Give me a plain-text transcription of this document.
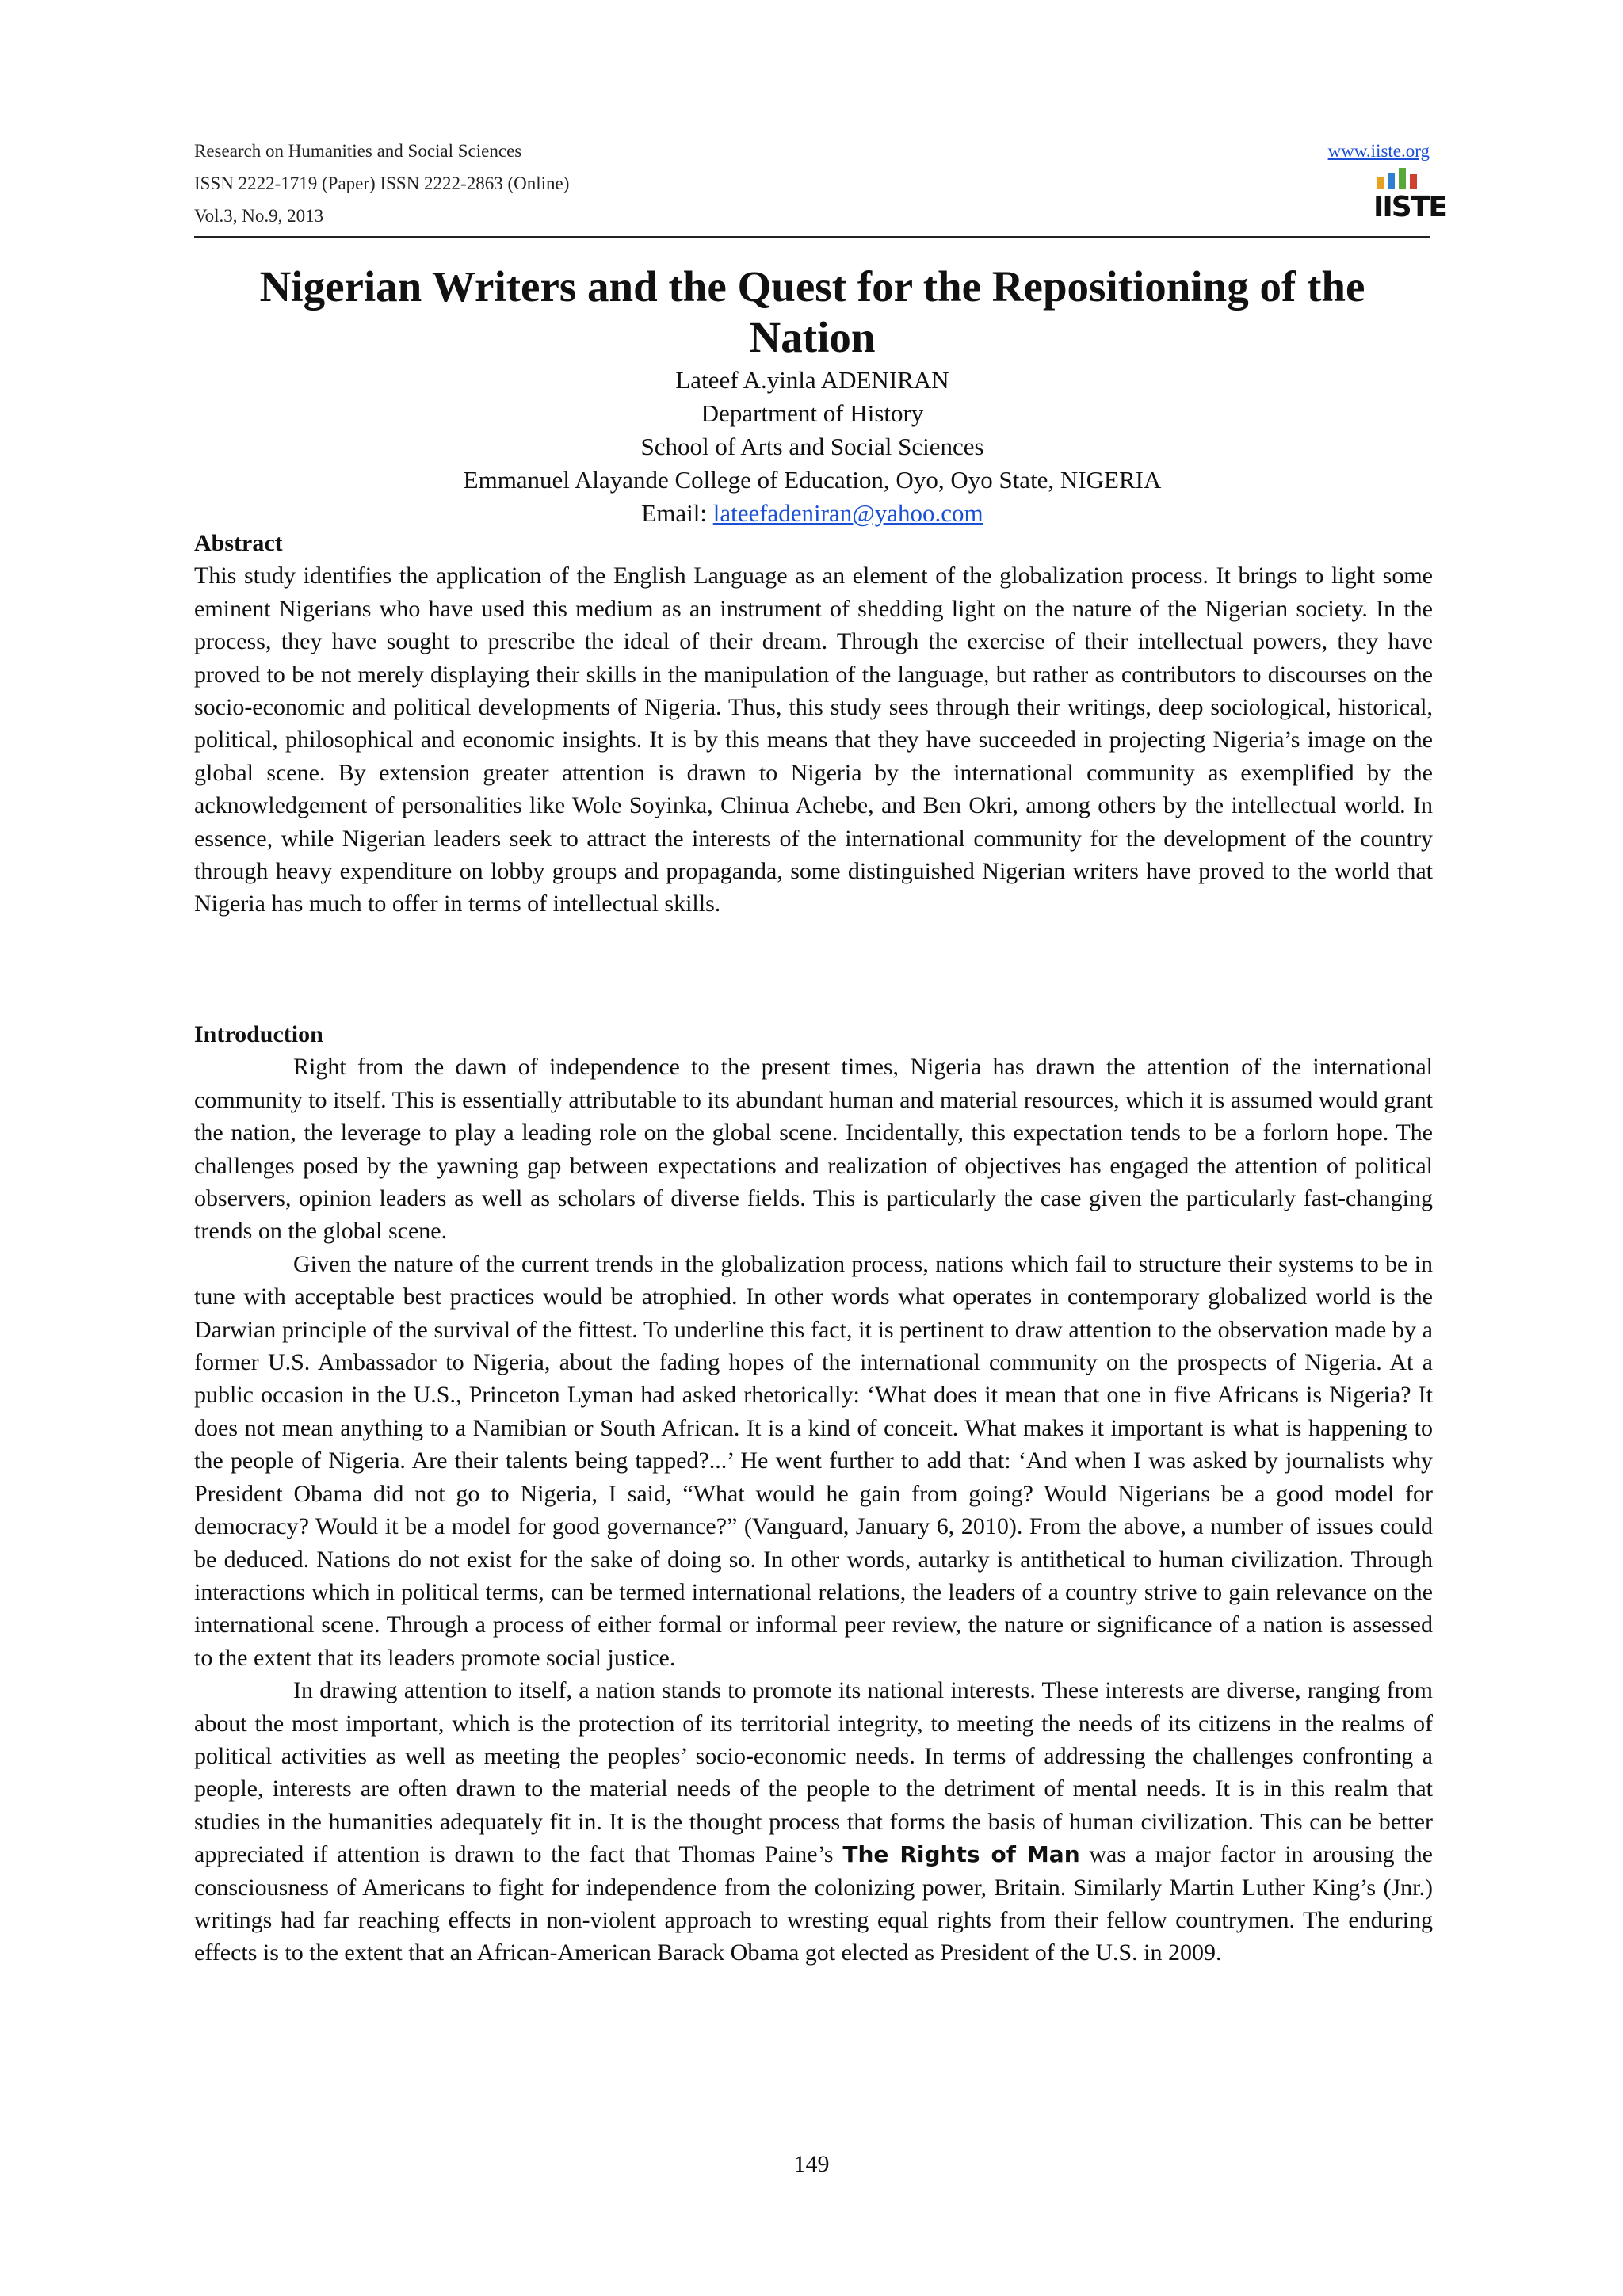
Research on Humanities and Social Sciences
ISSN 2222-1719 (Paper) ISSN 2222-2863 (Online)
Vol.3, No.9, 2013
www.iiste.org
IISTE
Nigerian Writers and the Quest for the Repositioning of the Nation
Lateef A.yinla ADENIRAN
Department of History
School of Arts and Social Sciences
Emmanuel Alayande College of Education, Oyo, Oyo State, NIGERIA
Email: lateefadeniran@yahoo.com

Abstract

This study identifies the application of the English Language as an element of the globalization process. It brings to light some eminent Nigerians who have used this medium as an instrument of shedding light on the nature of the Nigerian society. In the process, they have sought to prescribe the ideal of their dream. Through the exercise of their intellectual powers, they have proved to be not merely displaying their skills in the manipulation of the language, but rather as contributors to discourses on the socio-economic and political developments of Nigeria. Thus, this study sees through their writings, deep sociological, historical, political, philosophical and economic insights. It is by this means that they have succeeded in projecting Nigeria’s image on the global scene. By extension greater attention is drawn to Nigeria by the international community as exemplified by the acknowledgement of personalities like Wole Soyinka, Chinua Achebe, and Ben Okri, among others by the intellectual world. In essence, while Nigerian leaders seek to attract the interests of the international community for the development of the country through heavy expenditure on lobby groups and propaganda, some distinguished Nigerian writers have proved to the world that Nigeria has much to offer in terms of intellectual skills.

Introduction

Right from the dawn of independence to the present times, Nigeria has drawn the attention of the international community to itself. This is essentially attributable to its abundant human and material resources, which it is assumed would grant the nation, the leverage to play a leading role on the global scene. Incidentally, this expectation tends to be a forlorn hope. The challenges posed by the yawning gap between expectations and realization of objectives has engaged the attention of political observers, opinion leaders as well as scholars of diverse fields. This is particularly the case given the particularly fast-changing trends on the global scene.

Given the nature of the current trends in the globalization process, nations which fail to structure their systems to be in tune with acceptable best practices would be atrophied. In other words what operates in contemporary globalized world is the Darwian principle of the survival of the fittest. To underline this fact, it is pertinent to draw attention to the observation made by a former U.S. Ambassador to Nigeria, about the fading hopes of the international community on the prospects of Nigeria. At a public occasion in the U.S., Princeton Lyman had asked rhetorically: ‘What does it mean that one in five Africans is Nigeria? It does not mean anything to a Namibian or South African. It is a kind of conceit. What makes it important is what is happening to the people of Nigeria. Are their talents being tapped?...’ He went further to add that: ‘And when I was asked by journalists why President Obama did not go to Nigeria, I said, “What would he gain from going? Would Nigerians be a good model for democracy? Would it be a model for good governance?” (Vanguard, January 6, 2010). From the above, a number of issues could be deduced. Nations do not exist for the sake of doing so. In other words, autarky is antithetical to human civilization. Through interactions which in political terms, can be termed international relations, the leaders of a country strive to gain relevance on the international scene. Through a process of either formal or informal peer review, the nature or significance of a nation is assessed to the extent that its leaders promote social justice.

In drawing attention to itself, a nation stands to promote its national interests. These interests are diverse, ranging from about the most important, which is the protection of its territorial integrity, to meeting the needs of its citizens in the realms of political activities as well as meeting the peoples’ socio-economic needs. In terms of addressing the challenges confronting a people, interests are often drawn to the material needs of the people to the detriment of mental needs. It is in this realm that studies in the humanities adequately fit in. It is the thought process that forms the basis of human civilization. This can be better appreciated if attention is drawn to the fact that Thomas Paine’s The Rights of Man was a major factor in arousing the consciousness of Americans to fight for independence from the colonizing power, Britain. Similarly Martin Luther King’s (Jnr.) writings had far reaching effects in non-violent approach to wresting equal rights from their fellow countrymen. The enduring effects is to the extent that an African-American Barack Obama got elected as President of the U.S. in 2009.

149
